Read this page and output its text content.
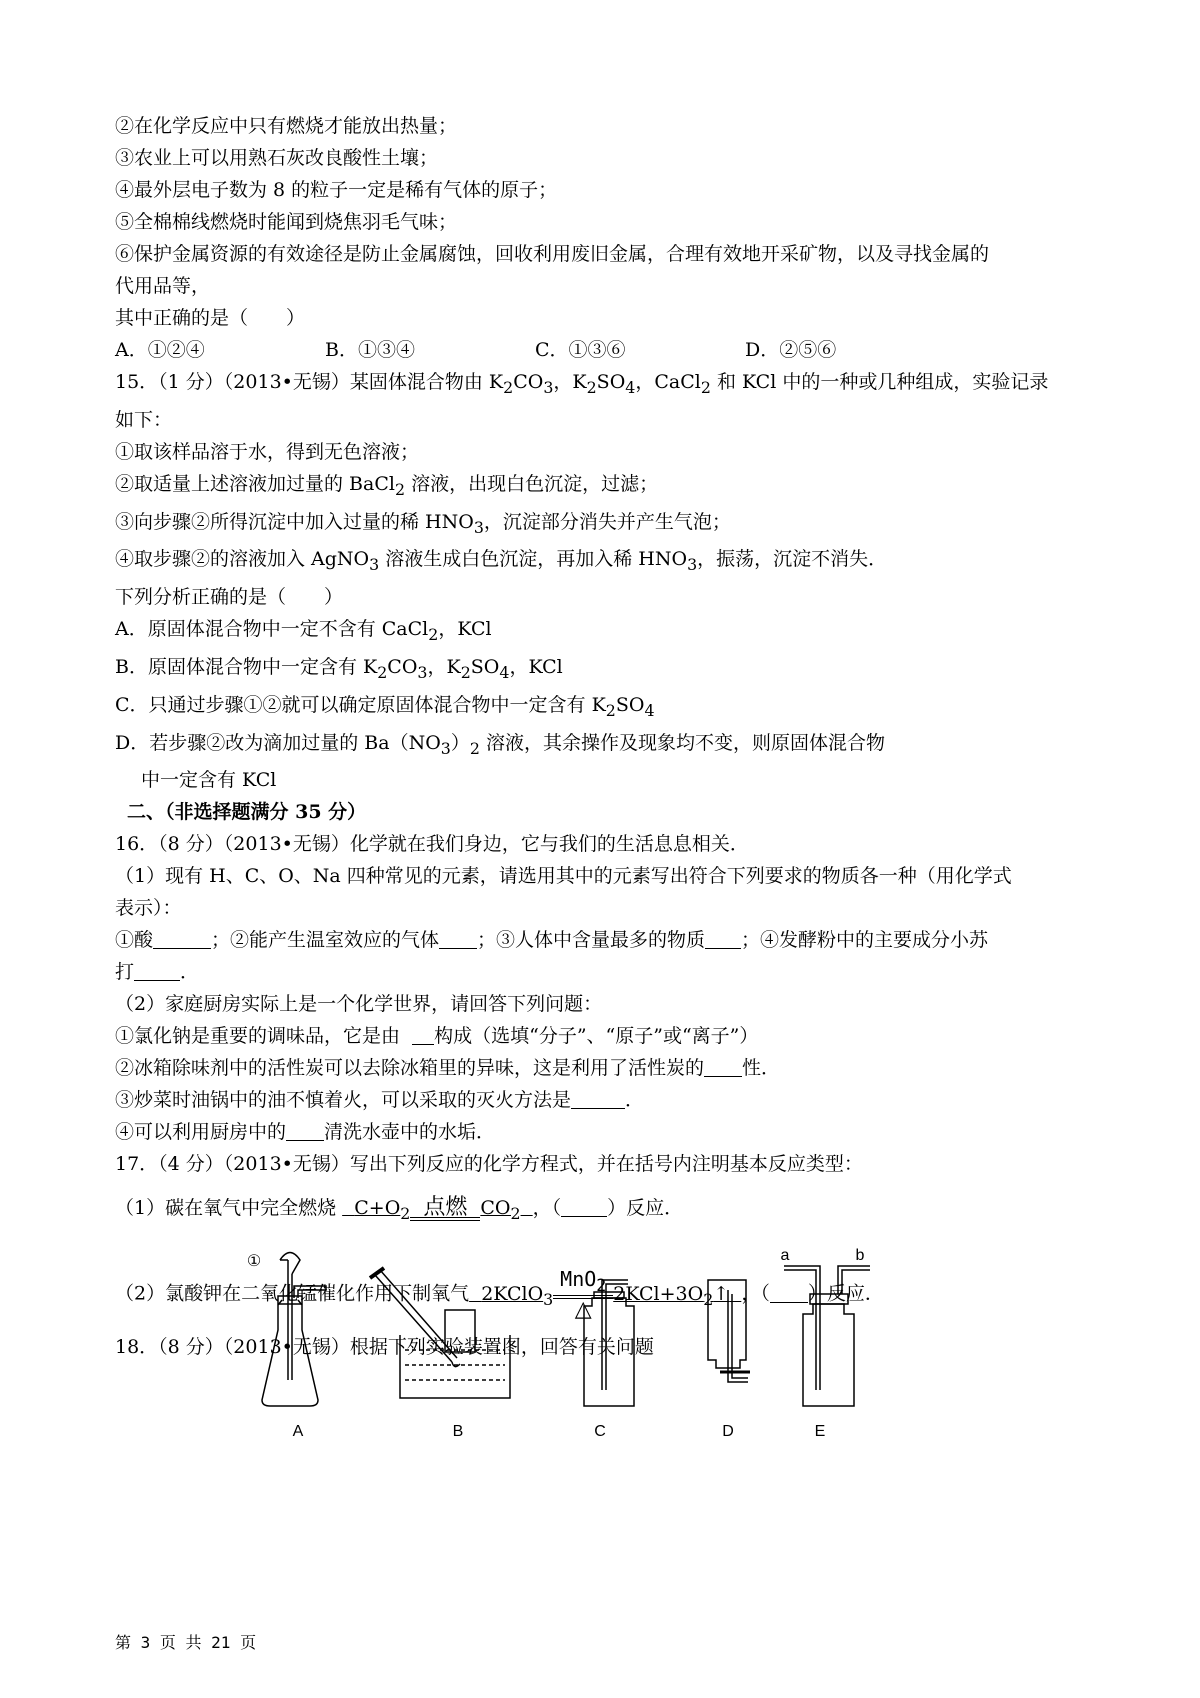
②在化学反应中只有燃烧才能放出热量；
③农业上可以用熟石灰改良酸性土壤；
④最外层电子数为 8 的粒子一定是稀有气体的原子；
⑤全棉棉线燃烧时能闻到烧焦羽毛气味；
⑥保护金属资源的有效途径是防止金属腐蚀，回收利用废旧金属，合理有效地开采矿物，以及寻找金属的
代用品等，
其中正确的是（　　）
A．①②④	B．①③④	C．①③⑥	D．②⑤⑥
15．（1 分）（2013•无锡）某固体混合物由 $K_2CO_3$，$K_2SO_4$，CaCl$_2$ 和 KCl 中的一种或几种组成，实验记录
如下：
①取该样品溶于水，得到无色溶液；
②取适量上述溶液加过量的 BaCl$_2$ 溶液，出现白色沉淀，过滤；
③向步骤②所得沉淀中加入过量的稀 $HNO_3$，沉淀部分消失并产生气泡；
④取步骤②的溶液加入 AgNO$_3$ 溶液生成白色沉淀，再加入稀 $HNO_3$，振荡，沉淀不消失．
下列分析正确的是（　　）
A．原固体混合物中一定不含有 CaCl$_2$，KCl
B．原固体混合物中一定含有 $K_2CO_3$，$K_2SO_4$，KCl
C．只通过步骤①②就可以确定原固体混合物中一定含有 $K_2SO_4$
D．若步骤②改为滴加过量的 $Ba(NO_3)_2$ 溶液，其余操作及现象均不变，则原固体混合物
中一定含有 KCl
二、（非选择题满分 35 分）
16．（8 分）（2013•无锡）化学就在我们身边，它与我们的生活息息相关．
（1）现有 H、C、O、Na 四种常见的元素，请选用其中的元素写出符合下列要求的物质各一种（用化学式
表示）：
①酸	；②能产生温室效应的气体 ；③人体中含量最多的物质 ；④发酵粉中的主要成分小苏
打 ．
（2）家庭厨房实际上是一个化学世界，请回答下列问题：
①氯化钠是重要的调味品，它是由 构成（选填“分子”、“原子”或“离子”）
②冰箱除味剂中的活性炭可以去除冰箱里的异味，这是利用了活性炭的 性．
③炒菜时油锅中的油不慎着火，可以采取的灭火方法是	．
④可以利用厨房中的 清洗水壶中的水垢．
17．（4 分）（2013•无锡）写出下列反应的化学方程式，并在括号内注明基本反应类型：
（1）碳在氧气中完全燃烧 $C+O_2$ 点燃 $CO_2$ ，（ ）反应．
（2）氯酸钾在二氧化锰催化作用下制氧气 2KClO$_3$
MnO$_2$
△
$2KCl+3O_2↑$ ，（ ）反应．
18．（8 分）（2013•无锡）根据下列实验装置图，回答有关问题
①
A	B	C	D	E
a	b
第 3 页 共 21 页
